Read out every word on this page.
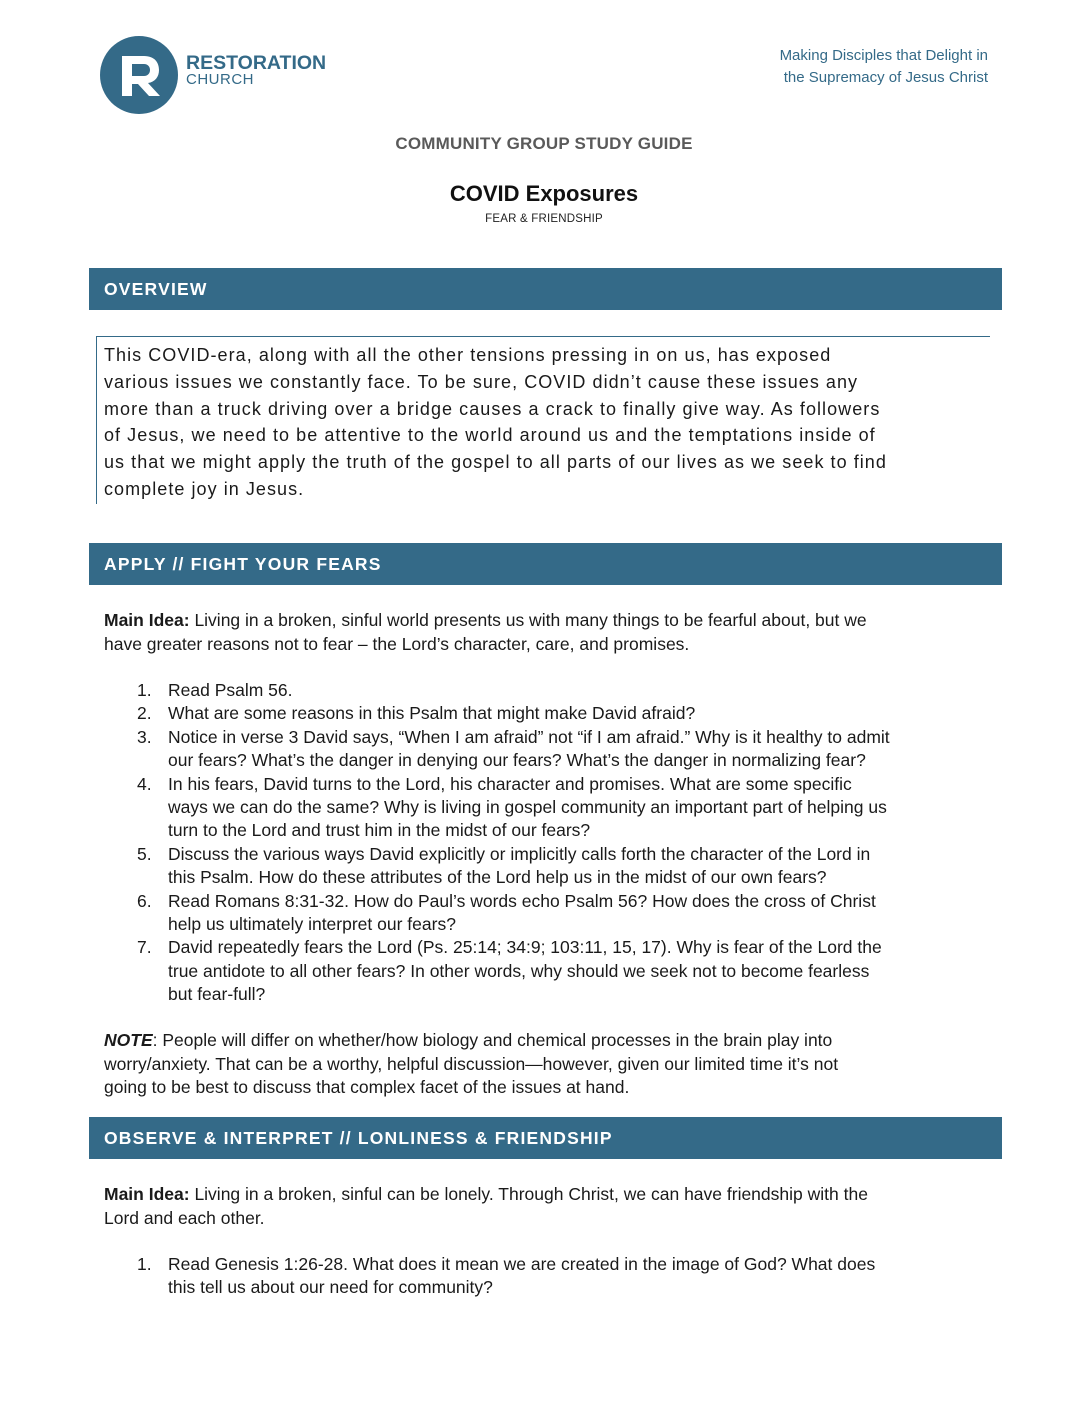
RESTORATION
CHURCH
Making Disciples that Delight in
the Supremacy of Jesus Christ
COMMUNITY GROUP STUDY GUIDE
COVID Exposures
FEAR & FRIENDSHIP
OVERVIEW
This COVID-era, along with all the other tensions pressing in on us, has exposed
various issues we constantly face. To be sure, COVID didn’t cause these issues any
more than a truck driving over a bridge causes a crack to finally give way. As followers
of Jesus, we need to be attentive to the world around us and the temptations inside of
us that we might apply the truth of the gospel to all parts of our lives as we seek to find
complete joy in Jesus.
APPLY // FIGHT YOUR FEARS
Main Idea: Living in a broken, sinful world presents us with many things to be fearful about, but we
have greater reasons not to fear – the Lord’s character, care, and promises.
1. Read Psalm 56.
2. What are some reasons in this Psalm that might make David afraid?
3. Notice in verse 3 David says, “When I am afraid” not “if I am afraid.” Why is it healthy to admit
our fears? What’s the danger in denying our fears? What’s the danger in normalizing fear?
4. In his fears, David turns to the Lord, his character and promises. What are some specific
ways we can do the same? Why is living in gospel community an important part of helping us
turn to the Lord and trust him in the midst of our fears?
5. Discuss the various ways David explicitly or implicitly calls forth the character of the Lord in
this Psalm. How do these attributes of the Lord help us in the midst of our own fears?
6. Read Romans 8:31-32. How do Paul’s words echo Psalm 56? How does the cross of Christ
help us ultimately interpret our fears?
7. David repeatedly fears the Lord (Ps. 25:14; 34:9; 103:11, 15, 17). Why is fear of the Lord the
true antidote to all other fears? In other words, why should we seek not to become fearless
but fear-full?
NOTE: People will differ on whether/how biology and chemical processes in the brain play into
worry/anxiety. That can be a worthy, helpful discussion—however, given our limited time it’s not
going to be best to discuss that complex facet of the issues at hand.
OBSERVE & INTERPRET // LONLINESS & FRIENDSHIP
Main Idea: Living in a broken, sinful can be lonely. Through Christ, we can have friendship with the
Lord and each other.
1. Read Genesis 1:26-28. What does it mean we are created in the image of God? What does
this tell us about our need for community?
